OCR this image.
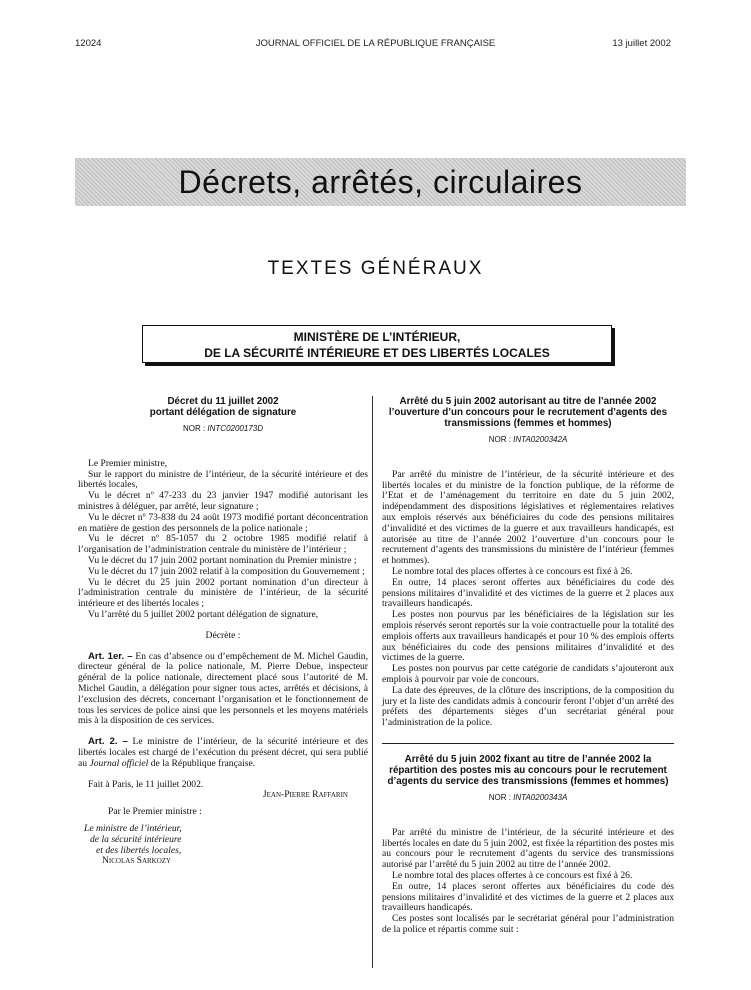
12024	JOURNAL OFFICIEL DE LA RÉPUBLIQUE FRANÇAISE	13 juillet 2002
Décrets, arrêtés, circulaires
TEXTES GÉNÉRAUX
MINISTÈRE DE L’INTÉRIEUR,
DE LA SÉCURITÉ INTÉRIEURE ET DES LIBERTÉS LOCALES
Décret du 11 juillet 2002
portant délégation de signature
NOR : INTC0200173D

Le Premier ministre,

Sur le rapport du ministre de l’intérieur, de la sécurité intérieure et des libertés locales,

Vu le décret nº 47-233 du 23 janvier 1947 modifié autorisant les ministres à déléguer, par arrêté, leur signature ;

Vu le décret nº 73-838 du 24 août 1973 modifié portant déconcentration en matière de gestion des personnels de la police nationale ;

Vu le décret nº 85-1057 du 2 octobre 1985 modifié relatif à l’organisation de l’administration centrale du ministère de l’intérieur ;

Vu le décret du 17 juin 2002 portant nomination du Premier ministre ;

Vu le décret du 17 juin 2002 relatif à la composition du Gouvernement ;

Vu le décret du 25 juin 2002 portant nomination d’un directeur à l’administration centrale du ministère de l’intérieur, de la sécurité intérieure et des libertés locales ;

Vu l’arrêté du 5 juillet 2002 portant délégation de signature,

Décrète :

Art. 1er. – En cas d’absence ou d’empêchement de M. Michel Gaudin, directeur général de la police nationale, M. Pierre Debue, inspecteur général de la police nationale, directement placé sous l’autorité de M. Michel Gaudin, a délégation pour signer tous actes, arrêtés et décisions, à l’exclusion des décrets, concernant l’organisation et le fonctionnement de tous les services de police ainsi que les personnels et les moyens matériels mis à la disposition de ces services.

Art. 2. – Le ministre de l’intérieur, de la sécurité intérieure et des libertés locales est chargé de l’exécution du présent décret, qui sera publié au Journal officiel de la République française.

Fait à Paris, le 11 juillet 2002.

Jean-Pierre Raffarin

Par le Premier ministre :

Le ministre de l’intérieur,

de la sécurité intérieure

et des libertés locales,

Nicolas Sarkozy

Arrêté du 5 juin 2002 autorisant au titre de l’année 2002 l’ouverture d’un concours pour le recrutement d’agents des transmissions (femmes et hommes)
NOR : INTA0200342A

Par arrêté du ministre de l’intérieur, de la sécurité intérieure et des libertés locales et du ministre de la fonction publique, de la réforme de l’Etat et de l’aménagement du territoire en date du 5 juin 2002, indépendamment des dispositions législatives et réglementaires relatives aux emplois réservés aux bénéficiaires du code des pensions militaires d’invalidité et des victimes de la guerre et aux travailleurs handicapés, est autorisée au titre de l’année 2002 l’ouverture d’un concours pour le recrutement d’agents des transmissions du ministère de l’intérieur (femmes et hommes).

Le nombre total des places offertes à ce concours est fixé à 26.

En outre, 14 places seront offertes aux bénéficiaires du code des pensions militaires d’invalidité et des victimes de la guerre et 2 places aux travailleurs handicapés.

Les postes non pourvus par les bénéficiaires de la législation sur les emplois réservés seront reportés sur la voie contractuelle pour la totalité des emplois offerts aux travailleurs handicapés et pour 10 % des emplois offerts aux bénéficiaires du code des pensions militaires d’invalidité et des victimes de la guerre.

Les postes non pourvus par cette catégorie de candidats s’ajouteront aux emplois à pourvoir par voie de concours.

La date des épreuves, de la clôture des inscriptions, de la composition du jury et la liste des candidats admis à concourir feront l’objet d’un arrêté des préfets des départements sièges d’un secrétariat général pour l’administration de la police.

Arrêté du 5 juin 2002 fixant au titre de l’année 2002 la répartition des postes mis au concours pour le recrutement d’agents du service des transmissions (femmes et hommes)
NOR : INTA0200343A

Par arrêté du ministre de l’intérieur, de la sécurité intérieure et des libertés locales en date du 5 juin 2002, est fixée la répartition des postes mis au concours pour le recrutement d’agents du service des transmissions autorisé par l’arrêté du 5 juin 2002 au titre de l’année 2002.

Le nombre total des places offertes à ce concours est fixé à 26.

En outre, 14 places seront offertes aux bénéficiaires du code des pensions militaires d’invalidité et des victimes de la guerre et 2 places aux travailleurs handicapés.

Ces postes sont localisés par le secrétariat général pour l’administration de la police et répartis comme suit :
